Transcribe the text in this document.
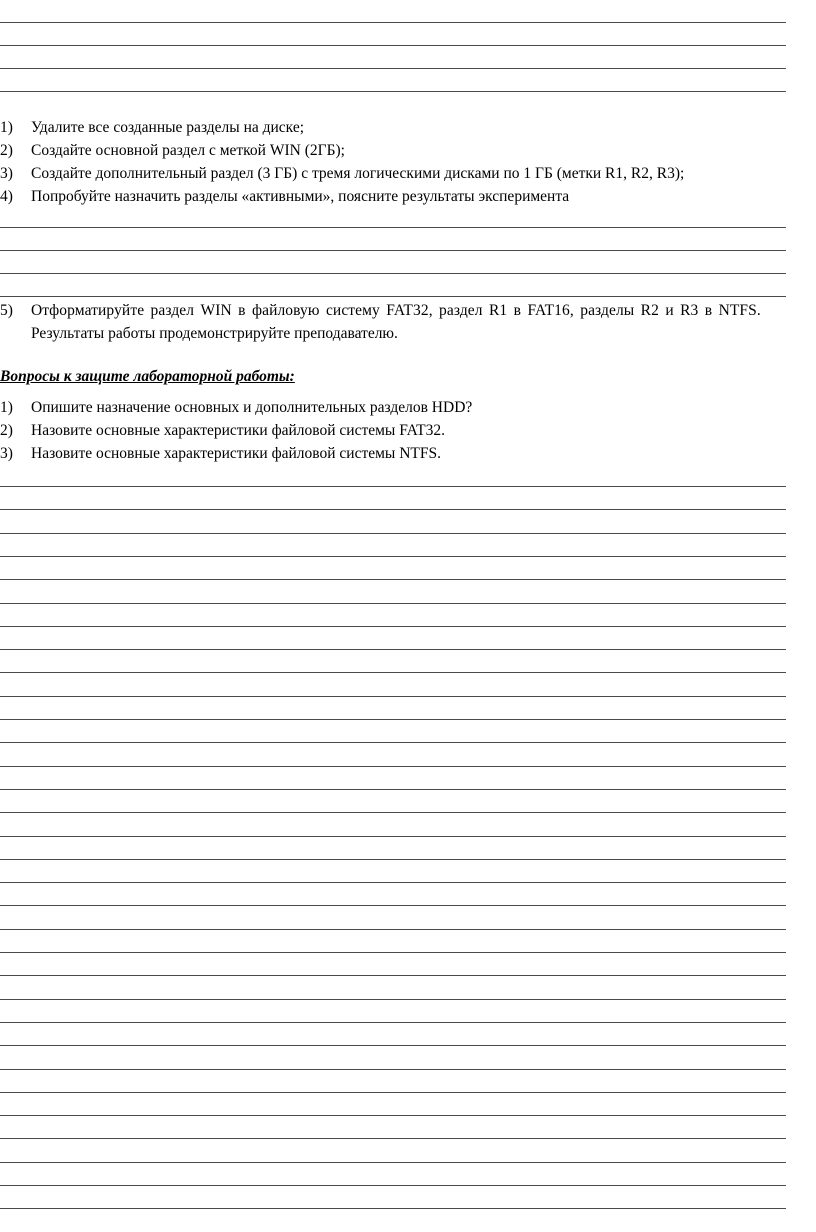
1) Удалите все созданные разделы на диске;
2) Создайте основной раздел с меткой WIN (2ГБ);
3) Создайте дополнительный раздел (3 ГБ) с тремя логическими дисками по 1 ГБ (метки R1, R2, R3);
4) Попробуйте назначить разделы «активными», поясните результаты эксперимента
5) Отформатируйте раздел WIN в файловую систему FAT32, раздел R1 в FAT16, разделы R2 и R3 в NTFS.
Результаты работы продемонстрируйте преподавателю.
Вопросы к защите лабораторной работы:
1) Опишите назначение основных и дополнительных разделов HDD?
2) Назовите основные характеристики файловой системы FAT32.
3) Назовите основные характеристики файловой системы NTFS.
